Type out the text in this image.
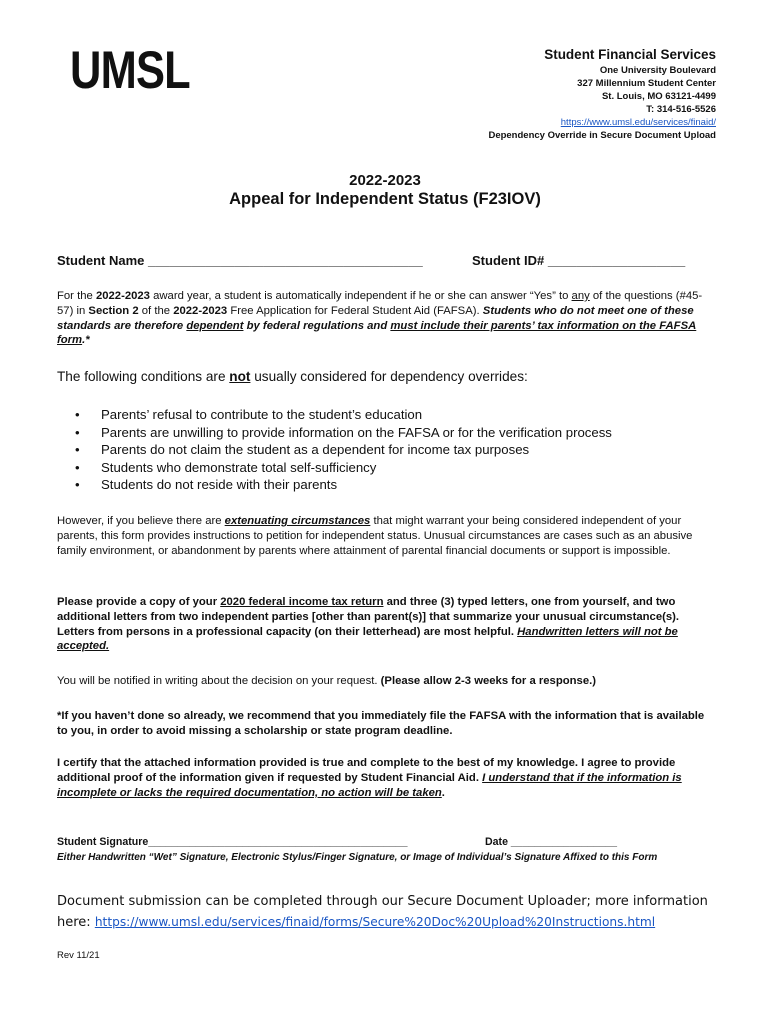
UMSL	Student Financial Services
One University Boulevard
327 Millennium Student Center
St. Louis, MO 63121-4499
T: 314-516-5526
https://www.umsl.edu/services/finaid/
Dependency Override in Secure Document Upload
2022-2023
Appeal for Independent Status (F23IOV)
Student Name ______________________________________	Student ID# ___________________
For the 2022-2023 award year, a student is automatically independent if he or she can answer “Yes” to any of the questions (#45-57) in Section 2 of the 2022-2023 Free Application for Federal Student Aid (FAFSA). Students who do not meet one of these standards are therefore dependent by federal regulations and must include their parents’ tax information on the FAFSA form.*
The following conditions are not usually considered for dependency overrides:
• Parents’ refusal to contribute to the student’s education
• Parents are unwilling to provide information on the FAFSA or for the verification process
• Parents do not claim the student as a dependent for income tax purposes
• Students who demonstrate total self-sufficiency
• Students do not reside with their parents
However, if you believe there are extenuating circumstances that might warrant your being considered independent of your parents, this form provides instructions to petition for independent status. Unusual circumstances are cases such as an abusive family environment, or abandonment by parents where attainment of parental financial documents or support is impossible.
Please provide a copy of your 2020 federal income tax return and three (3) typed letters, one from yourself, and two additional letters from two independent parties [other than parent(s)] that summarize your unusual circumstance(s). Letters from persons in a professional capacity (on their letterhead) are most helpful. Handwritten letters will not be accepted.
You will be notified in writing about the decision on your request. (Please allow 2-3 weeks for a response.)
*If you haven’t done so already, we recommend that you immediately file the FAFSA with the information that is available to you, in order to avoid missing a scholarship or state program deadline.
I certify that the attached information provided is true and complete to the best of my knowledge. I agree to provide additional proof of the information given if requested by Student Financial Aid. I understand that if the information is incomplete or lacks the required documentation, no action will be taken.
Student Signature____________________________________________	Date __________________
Either Handwritten “Wet” Signature, Electronic Stylus/Finger Signature, or Image of Individual’s Signature Affixed to this Form
Document submission can be completed through our Secure Document Uploader; more information here: https://www.umsl.edu/services/finaid/forms/Secure%20Doc%20Upload%20Instructions.html
Rev 11/21
